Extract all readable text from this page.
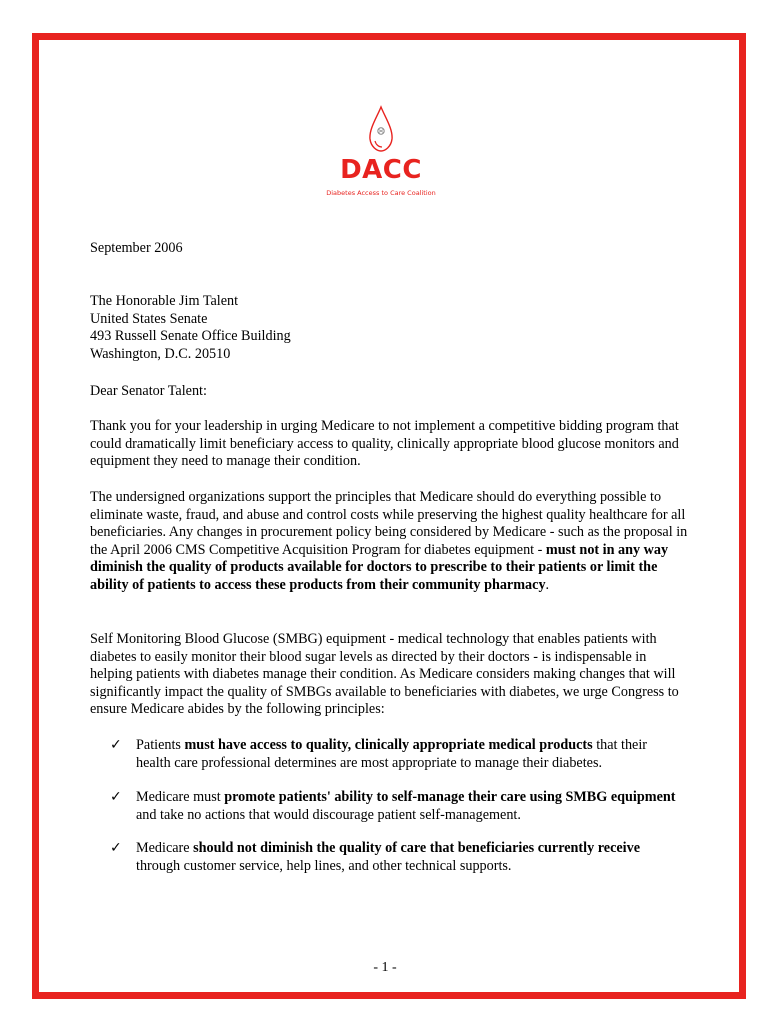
DACC
Diabetes Access to Care Coalition
September 2006

The Honorable Jim Talent

United States Senate

493 Russell Senate Office Building

Washington, D.C. 20510

Dear Senator Talent:
Thank you for your leadership in urging Medicare to not implement a competitive bidding program that could dramatically limit beneficiary access to quality, clinically appropriate blood glucose monitors and equipment they need to manage their condition.
The undersigned organizations support the principles that Medicare should do everything possible to eliminate waste, fraud, and abuse and control costs while preserving the highest quality healthcare for all beneficiaries. Any changes in procurement policy being considered by Medicare - such as the proposal in the April 2006 CMS Competitive Acquisition Program for diabetes equipment - must not in any way diminish the quality of products available for doctors to prescribe to their patients or limit the ability of patients to access these products from their community pharmacy.
Self Monitoring Blood Glucose (SMBG) equipment - medical technology that enables patients with diabetes to easily monitor their blood sugar levels as directed by their doctors - is indispensable in helping patients with diabetes manage their condition. As Medicare considers making changes that will significantly impact the quality of SMBGs available to beneficiaries with diabetes, we urge Congress to ensure Medicare abides by the following principles:
✓ Patients must have access to quality, clinically appropriate medical products that their health care professional determines are most appropriate to manage their diabetes.
✓ Medicare must promote patients' ability to self-manage their care using SMBG equipment and take no actions that would discourage patient self-management.
✓ Medicare should not diminish the quality of care that beneficiaries currently receive through customer service, help lines, and other technical supports.
- 1 -
